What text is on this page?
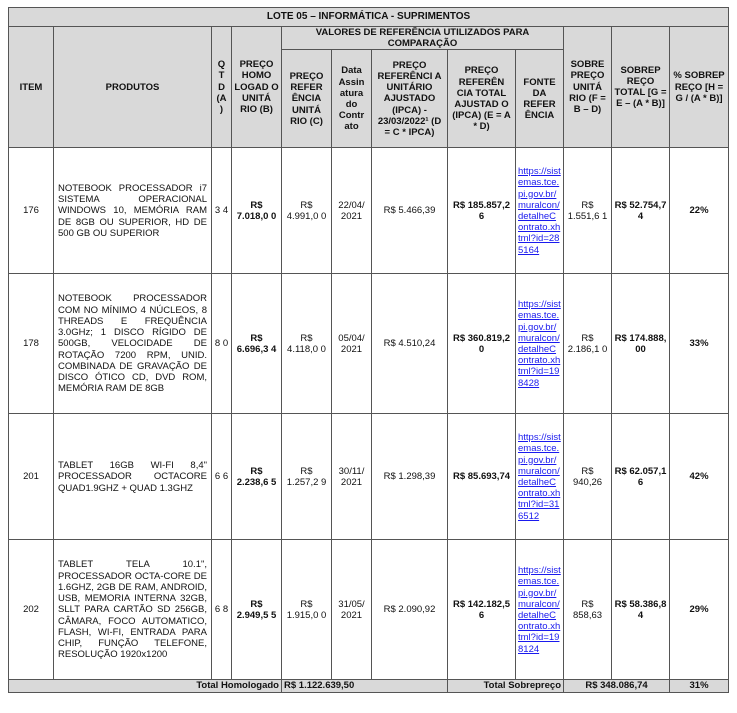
LOTE 05 – INFORMÁTICA - SUPRIMENTOS											
ITEM	PRODUTOS	Q T D (A )	PREÇO HOMO LOGAD O UNITÁ RIO (B)	VALORES DE REFERÊNCIA UTILIZADOS PARA COMPARAÇÃO					SOBRE PREÇO UNITÁ RIO (F = B – D)	SOBREP REÇO TOTAL [G = E – (A * B)]	% SOBREP REÇO [H = G / (A * B)]
				PREÇO REFER ÊNCIA UNITÁ RIO (C)	Data Assin atura do Contr ato	PREÇO REFERÊNCI A UNITÁRIO AJUSTADO (IPCA) - 23/03/2022¹ (D = C * IPCA)	PREÇO REFERÊN CIA TOTAL AJUSTAD O (IPCA) (E = A * D)	FONTE DA REFER ÊNCIA			
176	NOTEBOOK PROCESSADOR i7 SISTEMA OPERACIONAL WINDOWS 10, MEMÓRIA RAM DE 8GB OU SUPERIOR, HD DE 500 GB OU SUPERIOR	3 4	R$ 7.018,0 0	R$ 4.991,0 0	22/04/ 2021	R$ 5.466,39	R$ 185.857,2 6	https://sistemas.tce.pi.gov.br/muralcon/detalheContrato.xhtml?id=285164	R$ 1.551,6 1	R$ 52.754,7 4	22%
178	NOTEBOOK PROCESSADOR COM NO MÍNIMO 4 NÚCLEOS, 8 THREADS E FREQUÊNCIA 3.0GHz; 1 DISCO RÍGIDO DE 500GB, VELOCIDADE DE ROTAÇÃO 7200 RPM, UNID. COMBINADA DE GRAVAÇÃO DE DISCO ÓTICO CD, DVD ROM, MEMÓRIA RAM DE 8GB	8 0	R$ 6.696,3 4	R$ 4.118,0 0	05/04/ 2021	R$ 4.510,24	R$ 360.819,2 0	https://sistemas.tce.pi.gov.br/muralcon/detalheContrato.xhtml?id=198428	R$ 2.186,1 0	R$ 174.888, 00	33%
201	TABLET 16GB WI-FI 8,4" PROCESSADOR OCTACORE QUAD1.9GHZ + QUAD 1.3GHZ	6 6	R$ 2.238,6 5	R$ 1.257,2 9	30/11/ 2021	R$ 1.298,39	R$ 85.693,74	https://sistemas.tce.pi.gov.br/muralcon/detalheContrato.xhtml?id=316512	R$ 940,26	R$ 62.057,1 6	42%
202	TABLET TELA 10.1", PROCESSADOR OCTA-CORE DE 1.6GHZ, 2GB DE RAM, ANDROID, USB, MEMORIA INTERNA 32GB, SLLT PARA CARTÃO SD 256GB, CÂMARA, FOCO AUTOMATICO, FLASH, WI-FI, ENTRADA PARA CHIP, FUNÇÃO TELEFONE, RESOLUÇÃO 1920x1200	6 8	R$ 2.949,5 5	R$ 1.915,0 0	31/05/ 2021	R$ 2.090,92	R$ 142.182,5 6	https://sistemas.tce.pi.gov.br/muralcon/detalheContrato.xhtml?id=198124	R$ 858,63	R$ 58.386,8 4	29%
Total Homologado				R$ 1.122.639,50			Total Sobrepreço		R$ 348.086,74		31%
